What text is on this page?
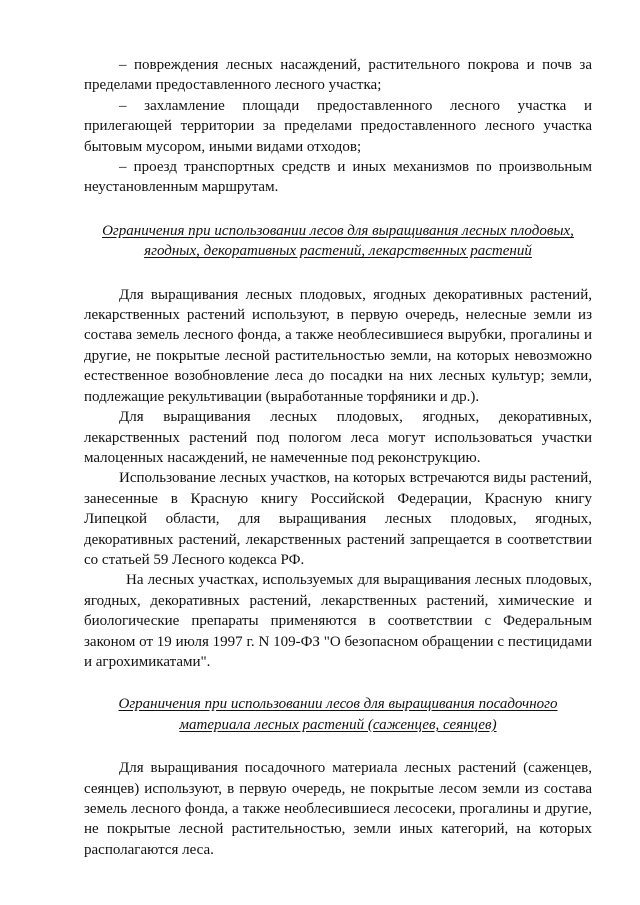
– повреждения лесных насаждений, растительного покрова и почв за пределами предоставленного лесного участка;

– захламление площади предоставленного лесного участка и прилегающей территории за пределами предоставленного лесного участка бытовым мусором, иными видами отходов;

– проезд транспортных средств и иных механизмов по произвольным неустановленным маршрутам.

Ограничения при использовании лесов для выращивания лесных плодовых, ягодных, декоративных растений, лекарственных растений

Для выращивания лесных плодовых, ягодных декоративных растений, лекарственных растений используют, в первую очередь, нелесные земли из состава земель лесного фонда, а также необлесившиеся вырубки, прогалины и другие, не покрытые лесной растительностью земли, на которых невозможно естественное возобновление леса до посадки на них лесных культур; земли, подлежащие рекультивации (выработанные торфяники и др.).

Для выращивания лесных плодовых, ягодных, декоративных, лекарственных растений под пологом леса могут использоваться участки малоценных насаждений, не намеченные под реконструкцию.

Использование лесных участков, на которых встречаются виды растений, занесенные в Красную книгу Российской Федерации, Красную книгу Липецкой области, для выращивания лесных плодовых, ягодных, декоративных растений, лекарственных растений запрещается в соответствии со статьей 59 Лесного кодекса РФ.

На лесных участках, используемых для выращивания лесных плодовых, ягодных, декоративных растений, лекарственных растений, химические и биологические препараты применяются в соответствии с Федеральным законом от 19 июля 1997 г. N 109-ФЗ "О безопасном обращении с пестицидами и агрохимикатами".

Ограничения при использовании лесов для выращивания посадочного материала лесных растений (саженцев, сеянцев)

Для выращивания посадочного материала лесных растений (саженцев, сеянцев) используют, в первую очередь, не покрытые лесом земли из состава земель лесного фонда, а также необлесившиеся лесосеки, прогалины и другие, не покрытые лесной растительностью, земли иных категорий, на которых располагаются леса.
